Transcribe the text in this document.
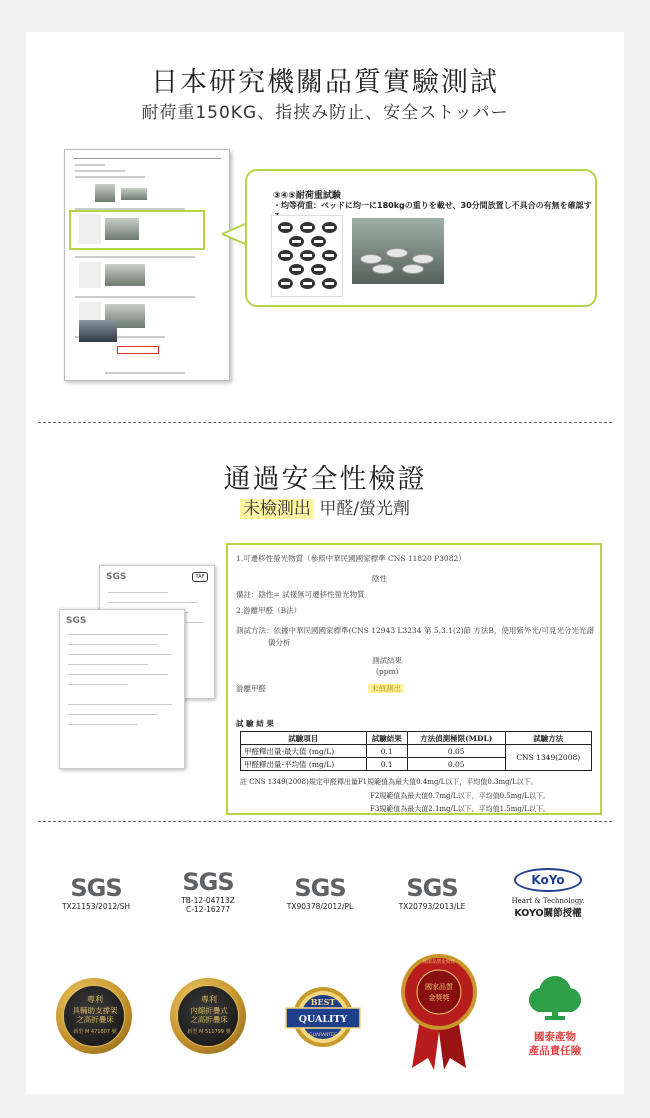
日本研究機關品質實驗測試
耐荷重150KG、指挟み防止、安全ストッパー
③④⑤耐荷重試験
・均等荷重：ベッドに均一に180kgの重りを載せ、30分間放置し不具合の有無を確認す
通過安全性檢證
未檢測出 甲醛/螢光劑
SGS	TAF
SGS
1.可遷移性螢光物質（參照中華民國國家標準 CNS 11820 P3082）
陰性
備註：陰性= 試樣無可遷移性螢光物質
2.游離甲醛（B法）
測試方法：依據中華民國國家標準(CNS 12943 L3234 第 5.3.1(2)節 方法B，使用紫外光/可見光分光光譜
儀分析
測試結果
(ppm)
游離甲醛	未偵測出
試 驗 結 果
試驗項目	試驗結果	方法偵測極限(MDL)	試驗方法
甲醛釋出量-最大值 (mg/L)	0.1	0.05	CNS 1349(2008)
甲醛釋出量-平均值 (mg/L)	0.1	0.05	
註 CNS 1349(2008)規定甲醛釋出量F1規範值為最大值0.4mg/L以下，平均值0.3mg/L以下。
F2規範值為最大值0.7mg/L以下，平均值0.5mg/L以下。
F3規範值為最大值2.1mg/L以下，平均值1.5mg/L以下。
SGS
TX21153/2012/SH
SGS
TB-12-04713Z
C-12-16277
SGS
TX90378/2012/PL
SGS
TX20793/2013/LE
KoYo
Heart & Technology.
KOYO關節授權
專利
具輔助支撐架
之高折疊床
新型 M 471807 號
專利
內縮折疊式
之高折疊床
新型 M 511799 號
BEST
QUALITY
GUARANTEE
國家品質
金獎獎
國家品質金獎獎
國泰產物
產品責任險
